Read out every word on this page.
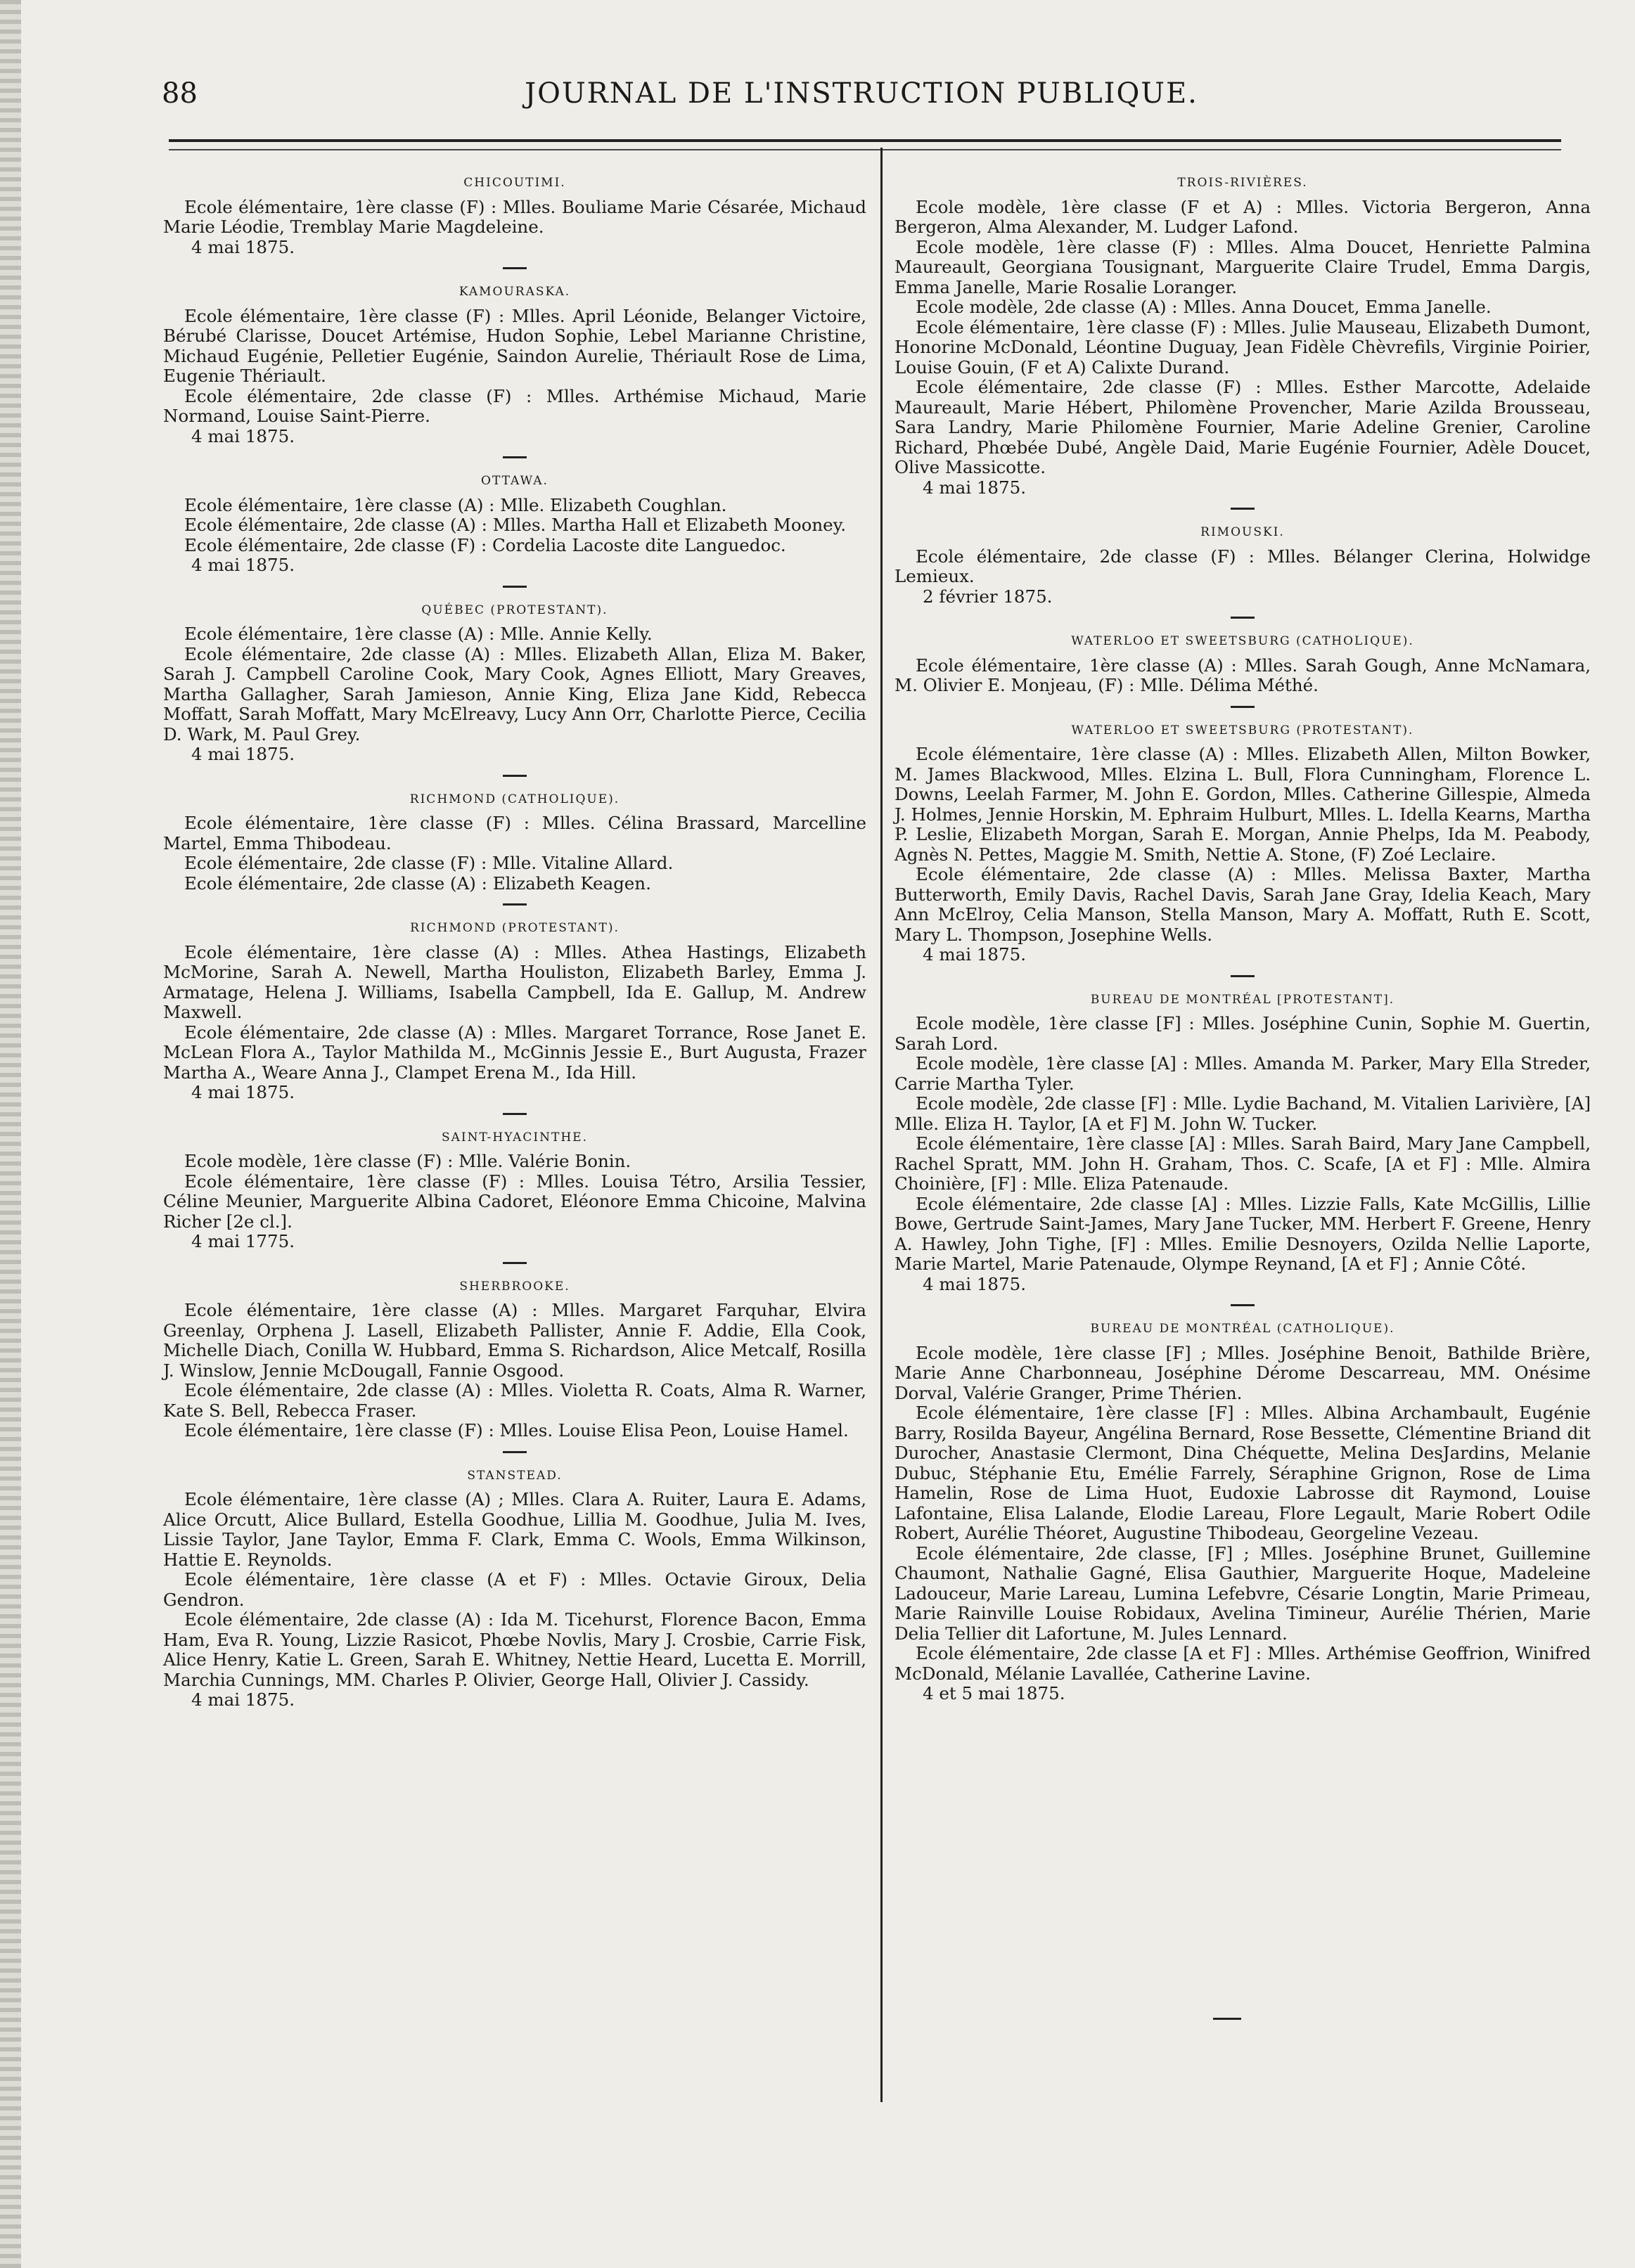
88	JOURNAL DE L'INSTRUCTION PUBLIQUE.
CHICOUTIMI.

Ecole élémentaire, 1ère classe (F) : Mlles. Bouliame Marie Césarée, Michaud Marie Léodie, Tremblay Marie Magdeleine.

4 mai 1875.

KAMOURASKA.

Ecole élémentaire, 1ère classe (F) : Mlles. April Léonide, Belanger Victoire, Bérubé Clarisse, Doucet Artémise, Hudon Sophie, Lebel Marianne Christine, Michaud Eugénie, Pelletier Eugénie, Saindon Aurelie, Thériault Rose de Lima, Eugenie Thériault.

Ecole élémentaire, 2de classe (F) : Mlles. Arthémise Michaud, Marie Normand, Louise Saint-Pierre.

4 mai 1875.

OTTAWA.

Ecole élémentaire, 1ère classe (A) : Mlle. Elizabeth Coughlan.

Ecole élémentaire, 2de classe (A) : Mlles. Martha Hall et Elizabeth Mooney.

Ecole élémentaire, 2de classe (F) : Cordelia Lacoste dite Languedoc.

4 mai 1875.

QUÉBEC (PROTESTANT).

Ecole élémentaire, 1ère classe (A) : Mlle. Annie Kelly.

Ecole élémentaire, 2de classe (A) : Mlles. Elizabeth Allan, Eliza M. Baker, Sarah J. Campbell Caroline Cook, Mary Cook, Agnes Elliott, Mary Greaves, Martha Gallagher, Sarah Jamieson, Annie King, Eliza Jane Kidd, Rebecca Moffatt, Sarah Moffatt, Mary McElreavy, Lucy Ann Orr, Charlotte Pierce, Cecilia D. Wark, M. Paul Grey.

4 mai 1875.

RICHMOND (CATHOLIQUE).

Ecole élémentaire, 1ère classe (F) : Mlles. Célina Brassard, Marcelline Martel, Emma Thibodeau.

Ecole élémentaire, 2de classe (F) : Mlle. Vitaline Allard.

Ecole élémentaire, 2de classe (A) : Elizabeth Keagen.

RICHMOND (PROTESTANT).

Ecole élémentaire, 1ère classe (A) : Mlles. Athea Hastings, Elizabeth McMorine, Sarah A. Newell, Martha Houliston, Elizabeth Barley, Emma J. Armatage, Helena J. Williams, Isabella Campbell, Ida E. Gallup, M. Andrew Maxwell.

Ecole élémentaire, 2de classe (A) : Mlles. Margaret Torrance, Rose Janet E. McLean Flora A., Taylor Mathilda M., McGinnis Jessie E., Burt Augusta, Frazer Martha A., Weare Anna J., Clampet Erena M., Ida Hill.

4 mai 1875.

SAINT-HYACINTHE.

Ecole modèle, 1ère classe (F) : Mlle. Valérie Bonin.

Ecole élémentaire, 1ère classe (F) : Mlles. Louisa Tétro, Arsilia Tessier, Céline Meunier, Marguerite Albina Cadoret, Eléonore Emma Chicoine, Malvina Richer [2e cl.].

4 mai 1775.

SHERBROOKE.

Ecole élémentaire, 1ère classe (A) : Mlles. Margaret Farquhar, Elvira Greenlay, Orphena J. Lasell, Elizabeth Pallister, Annie F. Addie, Ella Cook, Michelle Diach, Conilla W. Hubbard, Emma S. Richardson, Alice Metcalf, Rosilla J. Winslow, Jennie McDougall, Fannie Osgood.

Ecole élémentaire, 2de classe (A) : Mlles. Violetta R. Coats, Alma R. Warner, Kate S. Bell, Rebecca Fraser.

Ecole élémentaire, 1ère classe (F) : Mlles. Louise Elisa Peon, Louise Hamel.

STANSTEAD.

Ecole élémentaire, 1ère classe (A) ; Mlles. Clara A. Ruiter, Laura E. Adams, Alice Orcutt, Alice Bullard, Estella Goodhue, Lillia M. Goodhue, Julia M. Ives, Lissie Taylor, Jane Taylor, Emma F. Clark, Emma C. Wools, Emma Wilkinson, Hattie E. Reynolds.

Ecole élémentaire, 1ère classe (A et F) : Mlles. Octavie Giroux, Delia Gendron.

Ecole élémentaire, 2de classe (A) : Ida M. Ticehurst, Florence Bacon, Emma Ham, Eva R. Young, Lizzie Rasicot, Phœbe Novlis, Mary J. Crosbie, Carrie Fisk, Alice Henry, Katie L. Green, Sarah E. Whitney, Nettie Heard, Lucetta E. Morrill, Marchia Cunnings, MM. Charles P. Olivier, George Hall, Olivier J. Cassidy.

4 mai 1875.

TROIS-RIVIÈRES.

Ecole modèle, 1ère classe (F et A) : Mlles. Victoria Bergeron, Anna Bergeron, Alma Alexander, M. Ludger Lafond.

Ecole modèle, 1ère classe (F) : Mlles. Alma Doucet, Henriette Palmina Maureault, Georgiana Tousignant, Marguerite Claire Trudel, Emma Dargis, Emma Janelle, Marie Rosalie Loranger.

Ecole modèle, 2de classe (A) : Mlles. Anna Doucet, Emma Janelle.

Ecole élémentaire, 1ère classe (F) : Mlles. Julie Mauseau, Elizabeth Dumont, Honorine McDonald, Léontine Duguay, Jean Fidèle Chèvrefils, Virginie Poirier, Louise Gouin, (F et A) Calixte Durand.

Ecole élémentaire, 2de classe (F) : Mlles. Esther Marcotte, Adelaide Maureault, Marie Hébert, Philomène Provencher, Marie Azilda Brousseau, Sara Landry, Marie Philomène Fournier, Marie Adeline Grenier, Caroline Richard, Phœbée Dubé, Angèle Daid, Marie Eugénie Fournier, Adèle Doucet, Olive Massicotte.

4 mai 1875.

RIMOUSKI.

Ecole élémentaire, 2de classe (F) : Mlles. Bélanger Clerina, Holwidge Lemieux.

2 février 1875.

WATERLOO ET SWEETSBURG (CATHOLIQUE).

Ecole élémentaire, 1ère classe (A) : Mlles. Sarah Gough, Anne McNamara, M. Olivier E. Monjeau, (F) : Mlle. Délima Méthé.

WATERLOO ET SWEETSBURG (PROTESTANT).

Ecole élémentaire, 1ère classe (A) : Mlles. Elizabeth Allen, Milton Bowker, M. James Blackwood, Mlles. Elzina L. Bull, Flora Cunningham, Florence L. Downs, Leelah Farmer, M. John E. Gordon, Mlles. Catherine Gillespie, Almeda J. Holmes, Jennie Horskin, M. Ephraim Hulburt, Mlles. L. Idella Kearns, Martha P. Leslie, Elizabeth Morgan, Sarah E. Morgan, Annie Phelps, Ida M. Peabody, Agnès N. Pettes, Maggie M. Smith, Nettie A. Stone, (F) Zoé Leclaire.

Ecole élémentaire, 2de classe (A) : Mlles. Melissa Baxter, Martha Butterworth, Emily Davis, Rachel Davis, Sarah Jane Gray, Idelia Keach, Mary Ann McElroy, Celia Manson, Stella Manson, Mary A. Moffatt, Ruth E. Scott, Mary L. Thompson, Josephine Wells.

4 mai 1875.

BUREAU DE MONTRÉAL [PROTESTANT].

Ecole modèle, 1ère classe [F] : Mlles. Joséphine Cunin, Sophie M. Guertin, Sarah Lord.

Ecole modèle, 1ère classe [A] : Mlles. Amanda M. Parker, Mary Ella Streder, Carrie Martha Tyler.

Ecole modèle, 2de classe [F] : Mlle. Lydie Bachand, M. Vitalien Larivière, [A] Mlle. Eliza H. Taylor, [A et F] M. John W. Tucker.

Ecole élémentaire, 1ère classe [A] : Mlles. Sarah Baird, Mary Jane Campbell, Rachel Spratt, MM. John H. Graham, Thos. C. Scafe, [A et F] : Mlle. Almira Choinière, [F] : Mlle. Eliza Patenaude.

Ecole élémentaire, 2de classe [A] : Mlles. Lizzie Falls, Kate McGillis, Lillie Bowe, Gertrude Saint-James, Mary Jane Tucker, MM. Herbert F. Greene, Henry A. Hawley, John Tighe, [F] : Mlles. Emilie Desnoyers, Ozilda Nellie Laporte, Marie Martel, Marie Patenaude, Olympe Reynand, [A et F] ; Annie Côté.

4 mai 1875.

BUREAU DE MONTRÉAL (CATHOLIQUE).

Ecole modèle, 1ère classe [F] ; Mlles. Joséphine Benoit, Bathilde Brière, Marie Anne Charbonneau, Joséphine Dérome Descarreau, MM. Onésime Dorval, Valérie Granger, Prime Thérien.

Ecole élémentaire, 1ère classe [F] : Mlles. Albina Archambault, Eugénie Barry, Rosilda Bayeur, Angélina Bernard, Rose Bessette, Clémentine Briand dit Durocher, Anastasie Clermont, Dina Chéquette, Melina DesJardins, Melanie Dubuc, Stéphanie Etu, Emélie Farrely, Séraphine Grignon, Rose de Lima Hamelin, Rose de Lima Huot, Eudoxie Labrosse dit Raymond, Louise Lafontaine, Elisa Lalande, Elodie Lareau, Flore Legault, Marie Robert Odile Robert, Aurélie Théoret, Augustine Thibodeau, Georgeline Vezeau.

Ecole élémentaire, 2de classe, [F] ; Mlles. Joséphine Brunet, Guillemine Chaumont, Nathalie Gagné, Elisa Gauthier, Marguerite Hoque, Madeleine Ladouceur, Marie Lareau, Lumina Lefebvre, Césarie Longtin, Marie Primeau, Marie Rainville Louise Robidaux, Avelina Timineur, Aurélie Thérien, Marie Delia Tellier dit Lafortune, M. Jules Lennard.

Ecole élémentaire, 2de classe [A et F] : Mlles. Arthémise Geoffrion, Winifred McDonald, Mélanie Lavallée, Catherine Lavine.

4 et 5 mai 1875.
